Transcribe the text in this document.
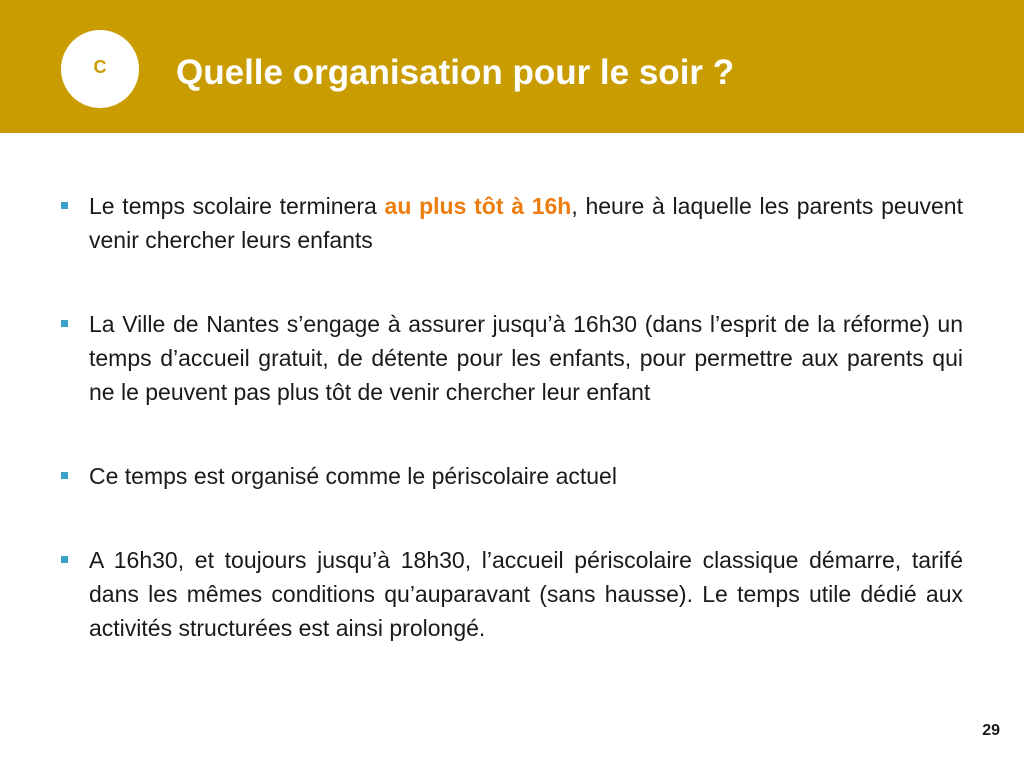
C Quelle organisation pour le soir ?
Le temps scolaire terminera au plus tôt à 16h, heure à laquelle les parents peuvent venir chercher leurs enfants
La Ville de Nantes s’engage à assurer jusqu’à 16h30 (dans l’esprit de la réforme) un temps d’accueil gratuit, de détente pour les enfants, pour permettre aux parents qui ne le peuvent pas plus tôt de venir chercher leur enfant
Ce temps est organisé comme le périscolaire actuel
A 16h30, et toujours jusqu’à 18h30, l’accueil périscolaire classique démarre, tarifé dans les mêmes conditions qu’auparavant (sans hausse). Le temps utile dédié aux activités structurées est ainsi prolongé.
29
